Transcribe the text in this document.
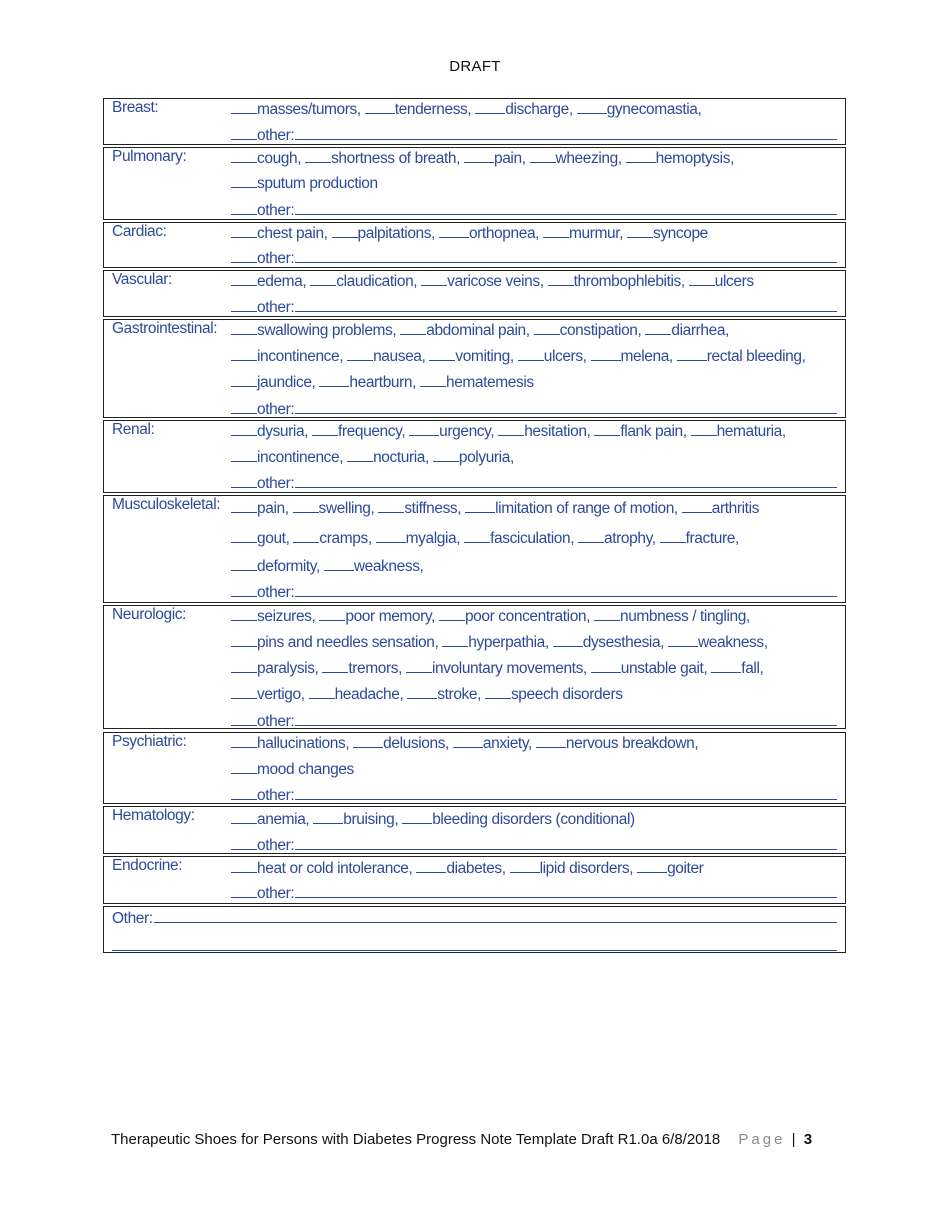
DRAFT
Breast:	masses/tumors, tenderness, discharge, gynecomastia,
other:
Pulmonary:	cough, shortness of breath, pain, wheezing, hemoptysis,
sputum production
other:
Cardiac:	chest pain, palpitations, orthopnea, murmur, syncope
other:
Vascular:	edema, claudication, varicose veins, thrombophlebitis, ulcers
other:
Gastrointestinal:	swallowing problems, abdominal pain, constipation, diarrhea,
incontinence, nausea, vomiting, ulcers, melena, rectal bleeding,
jaundice, heartburn, hematemesis
other:
Renal:	dysuria, frequency, urgency, hesitation, flank pain, hematuria,
incontinence, nocturia, polyuria,
other:
Musculoskeletal:	pain, swelling, stiffness, limitation of range of motion, arthritis
gout, cramps, myalgia, fasciculation, atrophy, fracture,
deformity, weakness,
other:
Neurologic:	seizures, poor memory, poor concentration, numbness / tingling,
pins and needles sensation, hyperpathia, dysesthesia, weakness,
paralysis, tremors, involuntary movements, unstable gait, fall,
vertigo, headache, stroke, speech disorders
other:
Psychiatric:	hallucinations, delusions, anxiety, nervous breakdown,
mood changes
other:
Hematology:	anemia, bruising, bleeding disorders (conditional)
other:
Endocrine:	heat or cold intolerance, diabetes, lipid disorders, goiter
other:
Other:
Therapeutic Shoes for Persons with Diabetes Progress Note Template Draft R1.0a 6/8/2018 Page | 3
